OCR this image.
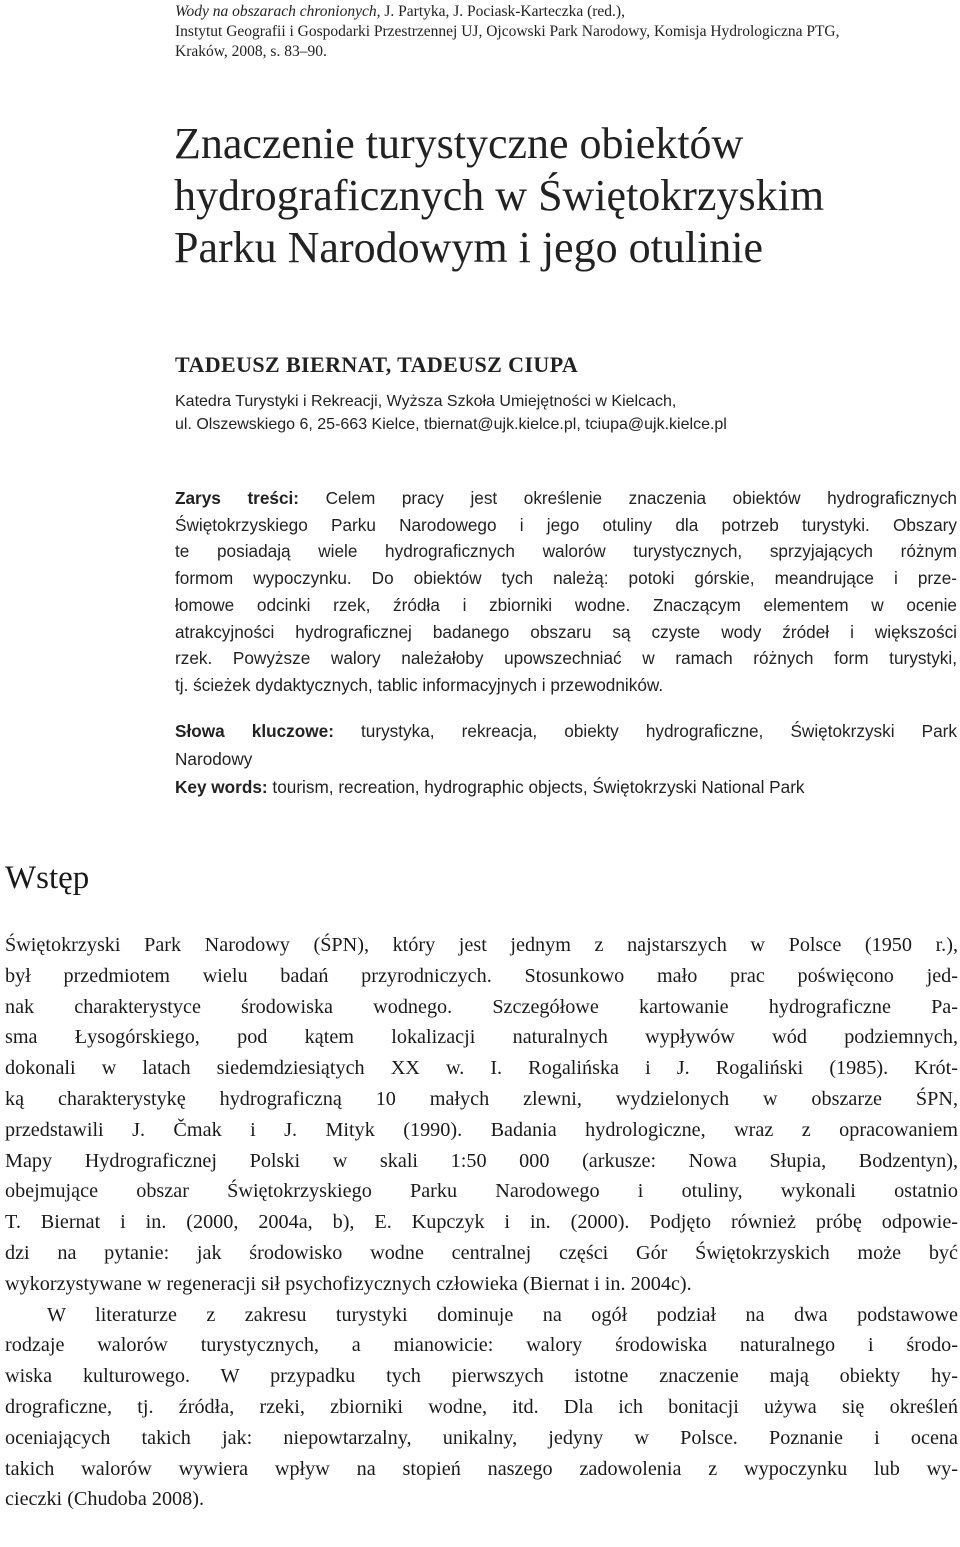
Wody na obszarach chronionych, J. Partyka, J. Pociask-Karteczka (red.),
Instytut Geografii i Gospodarki Przestrzennej UJ, Ojcowski Park Narodowy, Komisja Hydrologiczna PTG,
Kraków, 2008, s. 83–90.
Znaczenie turystyczne obiektów
hydrograficznych w Świętokrzyskim
Parku Narodowym i jego otulinie
TADEUSZ BIERNAT, TADEUSZ CIUPA
Katedra Turystyki i Rekreacji, Wyższa Szkoła Umiejętności w Kielcach,
ul. Olszewskiego 6, 25-663 Kielce, tbiernat@ujk.kielce.pl, tciupa@ujk.kielce.pl
Zarys treści: Celem pracy jest określenie znaczenia obiektów hydrograficznych
Świętokrzyskiego Parku Narodowego i jego otuliny dla potrzeb turystyki. Obszary
te posiadają wiele hydrograficznych walorów turystycznych, sprzyjających różnym
formom wypoczynku. Do obiektów tych należą: potoki górskie, meandrujące i prze-
łomowe odcinki rzek, źródła i zbiorniki wodne. Znaczącym elementem w ocenie
atrakcyjności hydrograficznej badanego obszaru są czyste wody źródeł i większości
rzek. Powyższe walory należałoby upowszechniać w ramach różnych form turystyki,
tj. ścieżek dydaktycznych, tablic informacyjnych i przewodników.
Słowa kluczowe: turystyka, rekreacja, obiekty hydrograficzne, Świętokrzyski Park
Narodowy
Key words: tourism, recreation, hydrographic objects, Świętokrzyski National Park
Wstęp
Świętokrzyski Park Narodowy (ŚPN), który jest jednym z najstarszych w Polsce (1950 r.),
był przedmiotem wielu badań przyrodniczych. Stosunkowo mało prac poświęcono jed-
nak charakterystyce środowiska wodnego. Szczegółowe kartowanie hydrograficzne Pa-
sma Łysogórskiego, pod kątem lokalizacji naturalnych wypływów wód podziemnych,
dokonali w latach siedemdziesiątych XX w. I. Rogalińska i J. Rogaliński (1985). Krót-
ką charakterystykę hydrograficzną 10 małych zlewni, wydzielonych w obszarze ŚPN,
przedstawili J. Čmak i J. Mityk (1990). Badania hydrologiczne, wraz z opracowaniem
Mapy Hydrograficznej Polski w skali 1:50 000 (arkusze: Nowa Słupia, Bodzentyn),
obejmujące obszar Świętokrzyskiego Parku Narodowego i otuliny, wykonali ostatnio
T. Biernat i in. (2000, 2004a, b), E. Kupczyk i in. (2000). Podjęto również próbę odpowie-
dzi na pytanie: jak środowisko wodne centralnej części Gór Świętokrzyskich może być
wykorzystywane w regeneracji sił psychofizycznych człowieka (Biernat i in. 2004c).
W literaturze z zakresu turystyki dominuje na ogół podział na dwa podstawowe
rodzaje walorów turystycznych, a mianowicie: walory środowiska naturalnego i środo-
wiska kulturowego. W przypadku tych pierwszych istotne znaczenie mają obiekty hy-
drograficzne, tj. źródła, rzeki, zbiorniki wodne, itd. Dla ich bonitacji używa się określeń
oceniających takich jak: niepowtarzalny, unikalny, jedyny w Polsce. Poznanie i ocena
takich walorów wywiera wpływ na stopień naszego zadowolenia z wypoczynku lub wy-
cieczki (Chudoba 2008).
